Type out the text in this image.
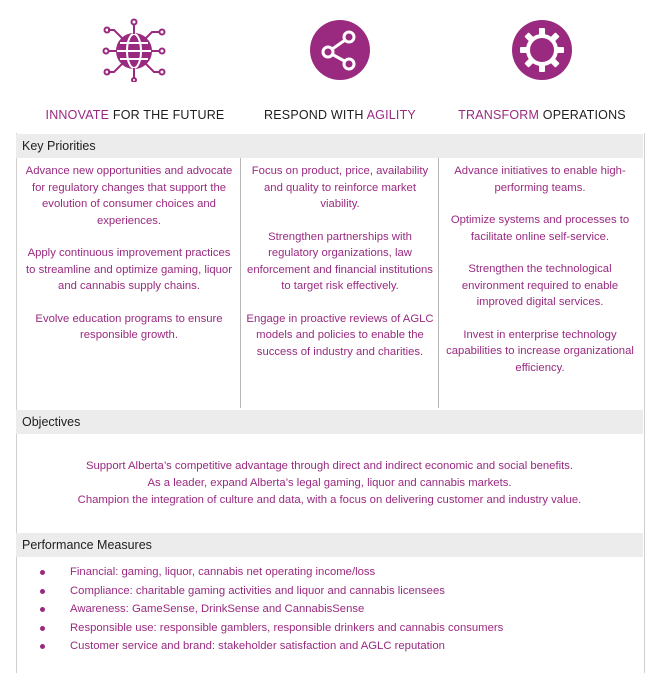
INNOVATE FOR THE FUTURE	RESPOND WITH AGILITY	TRANSFORM OPERATIONS
Key Priorities

Advance new opportunities and advocate for regulatory changes that support the evolution of consumer choices and experiences.

Apply continuous improvement practices to streamline and optimize gaming, liquor and cannabis supply chains.

Evolve education programs to ensure responsible growth.

Focus on product, price, availability and quality to reinforce market viability.

Strengthen partnerships with regulatory organizations, law enforcement and financial institutions to target risk effectively.

Engage in proactive reviews of AGLC models and policies to enable the success of industry and charities.

Advance initiatives to enable high-performing teams.

Optimize systems and processes to facilitate online self-service.

Strengthen the technological environment required to enable improved digital services.

Invest in enterprise technology capabilities to increase organizational efficiency.

Objectives
Support Alberta’s competitive advantage through direct and indirect economic and social benefits.
As a leader, expand Alberta’s legal gaming, liquor and cannabis markets.
Champion the integration of culture and data, with a focus on delivering customer and industry value.
Performance Measures
Financial: gaming, liquor, cannabis net operating income/loss
Compliance: charitable gaming activities and liquor and cannabis licensees
Awareness: GameSense, DrinkSense and CannabisSense
Responsible use: responsible gamblers, responsible drinkers and cannabis consumers
Customer service and brand: stakeholder satisfaction and AGLC reputation
